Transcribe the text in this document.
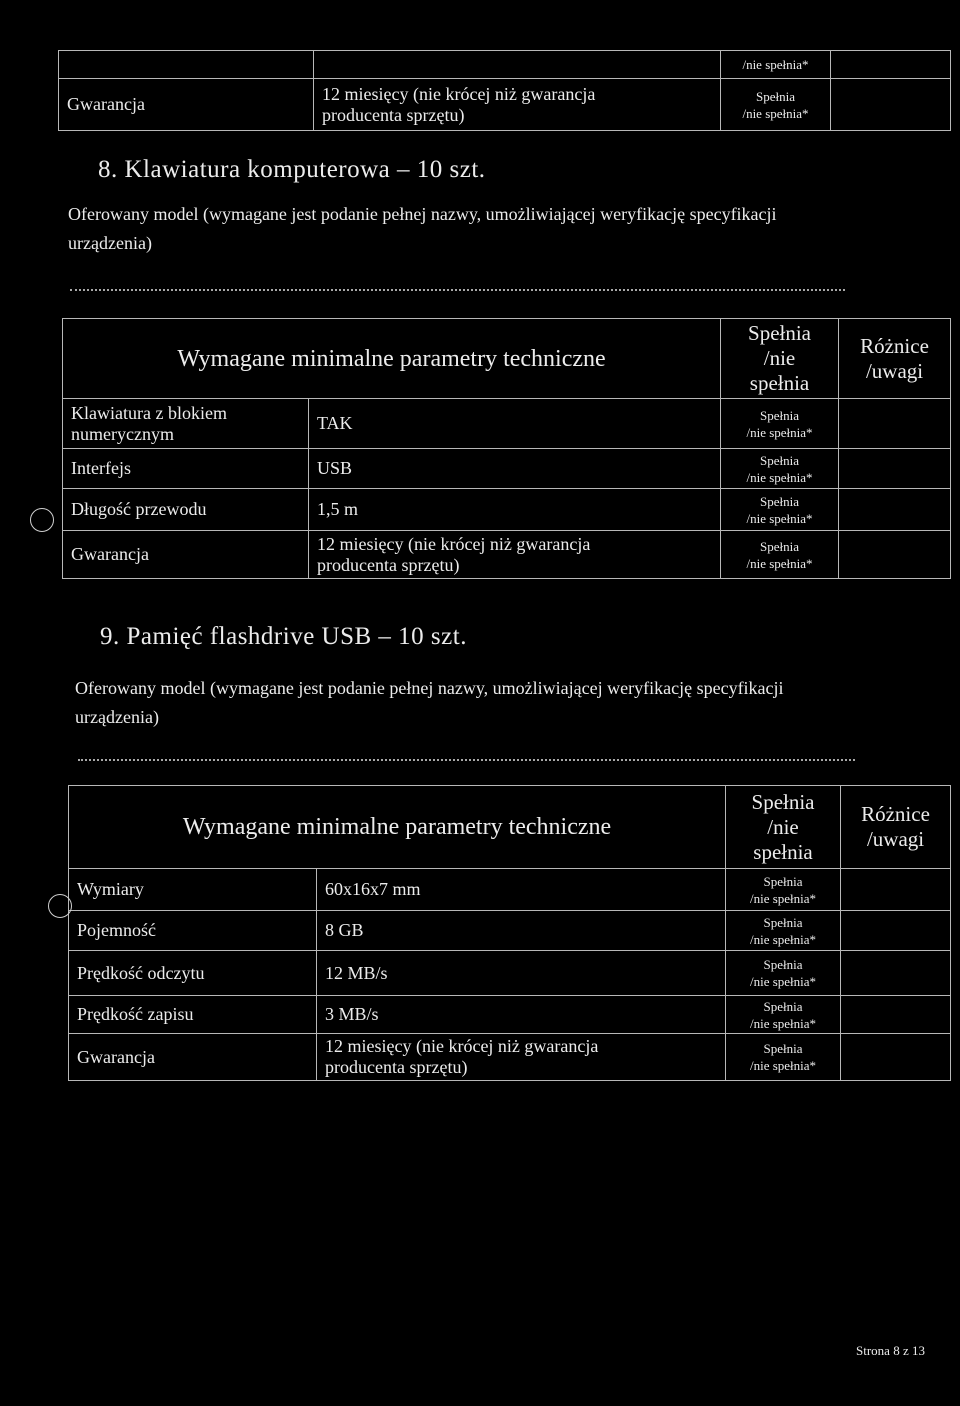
		/nie spełnia*	
Gwarancja	12 miesięcy (nie krócej niż gwarancja
producenta sprzętu)	Spełnia
/nie spełnia*	
8. Klawiatura komputerowa – 10 szt.
Oferowany model (wymagane jest podanie pełnej nazwy, umożliwiającej weryfikację specyfikacji
urządzenia)
Wymagane minimalne parametry techniczne		Spełnia
/nie
spełnia	Różnice
/uwagi
Klawiatura z blokiem
numerycznym	TAK	Spełnia
/nie spełnia*	
Interfejs	USB	Spełnia
/nie spełnia*	
Długość przewodu	1,5 m	Spełnia
/nie spełnia*	
Gwarancja	12 miesięcy (nie krócej niż gwarancja
producenta sprzętu)	Spełnia
/nie spełnia*	
9. Pamięć flashdrive USB – 10 szt.
Oferowany model (wymagane jest podanie pełnej nazwy, umożliwiającej weryfikację specyfikacji
urządzenia)
Wymagane minimalne parametry techniczne		Spełnia
/nie
spełnia	Różnice
/uwagi
Wymiary	60x16x7 mm	Spełnia
/nie spełnia*	
Pojemność	8 GB	Spełnia
/nie spełnia*	
Prędkość odczytu	12 MB/s	Spełnia
/nie spełnia*	
Prędkość zapisu	3 MB/s	Spełnia
/nie spełnia*	
Gwarancja	12 miesięcy (nie krócej niż gwarancja
producenta sprzętu)	Spełnia
/nie spełnia*	
Strona 8 z 13
